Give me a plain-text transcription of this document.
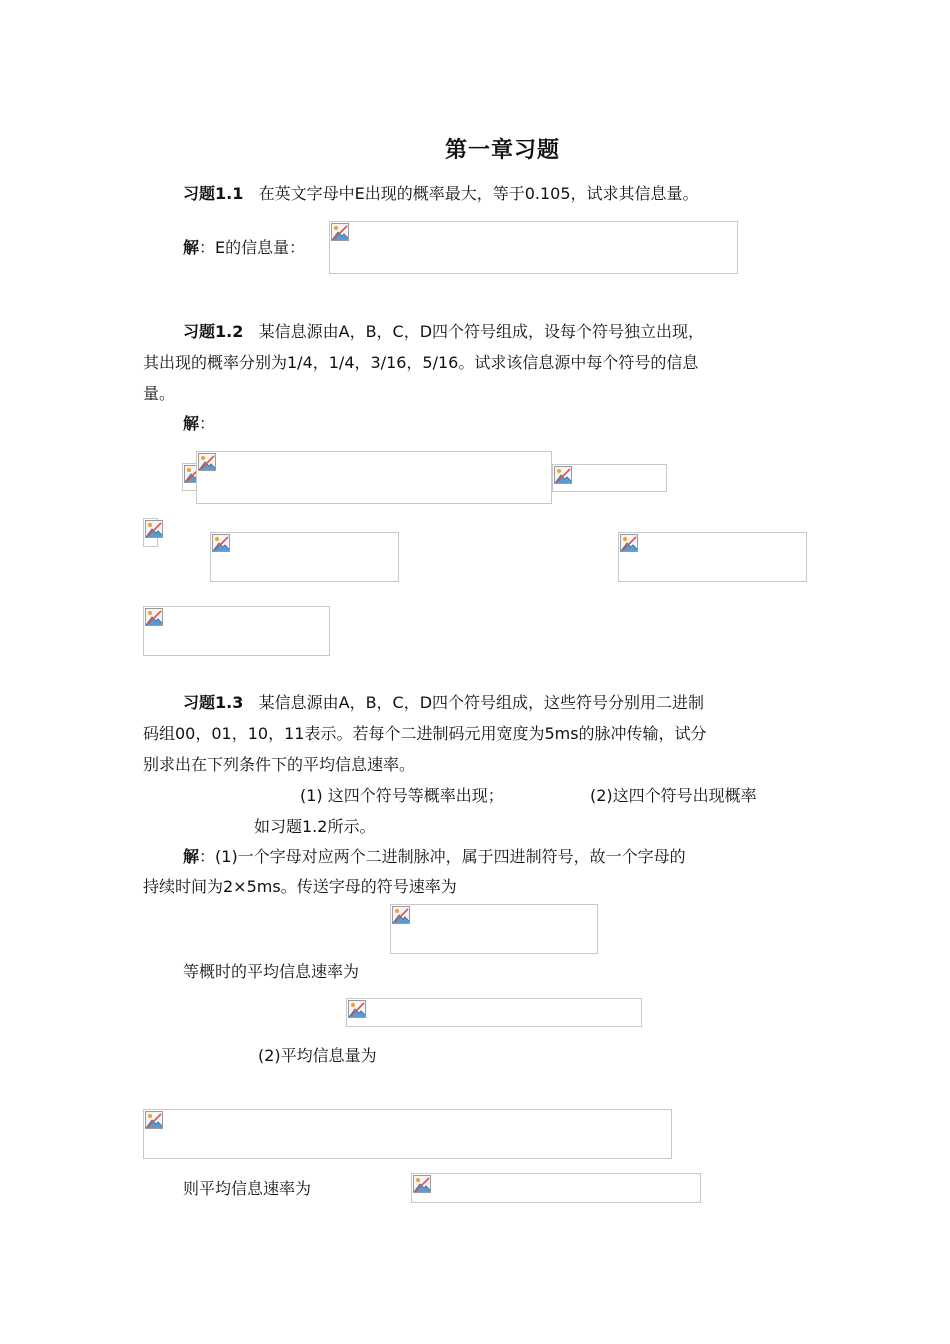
第一章习题
习题1.1 在英文字母中E出现的概率最大，等于0.105，试求其信息量。
解：E的信息量：
习题1.2 某信息源由A，B，C，D四个符号组成，设每个符号独立出现，
其出现的概率分别为1/4，1/4，3/16，5/16。试求该信息源中每个符号的信息
量。
解：
习题1.3 某信息源由A，B，C，D四个符号组成，这些符号分别用二进制
码组00，01，10，11表示。若每个二进制码元用宽度为5ms的脉冲传输，试分
别求出在下列条件下的平均信息速率。
(1) 这四个符号等概率出现；	(2)这四个符号出现概率
如习题1.2所示。
解：(1)一个字母对应两个二进制脉冲，属于四进制符号，故一个字母的
持续时间为2×5ms。传送字母的符号速率为
等概时的平均信息速率为
(2)平均信息量为
则平均信息速率为
